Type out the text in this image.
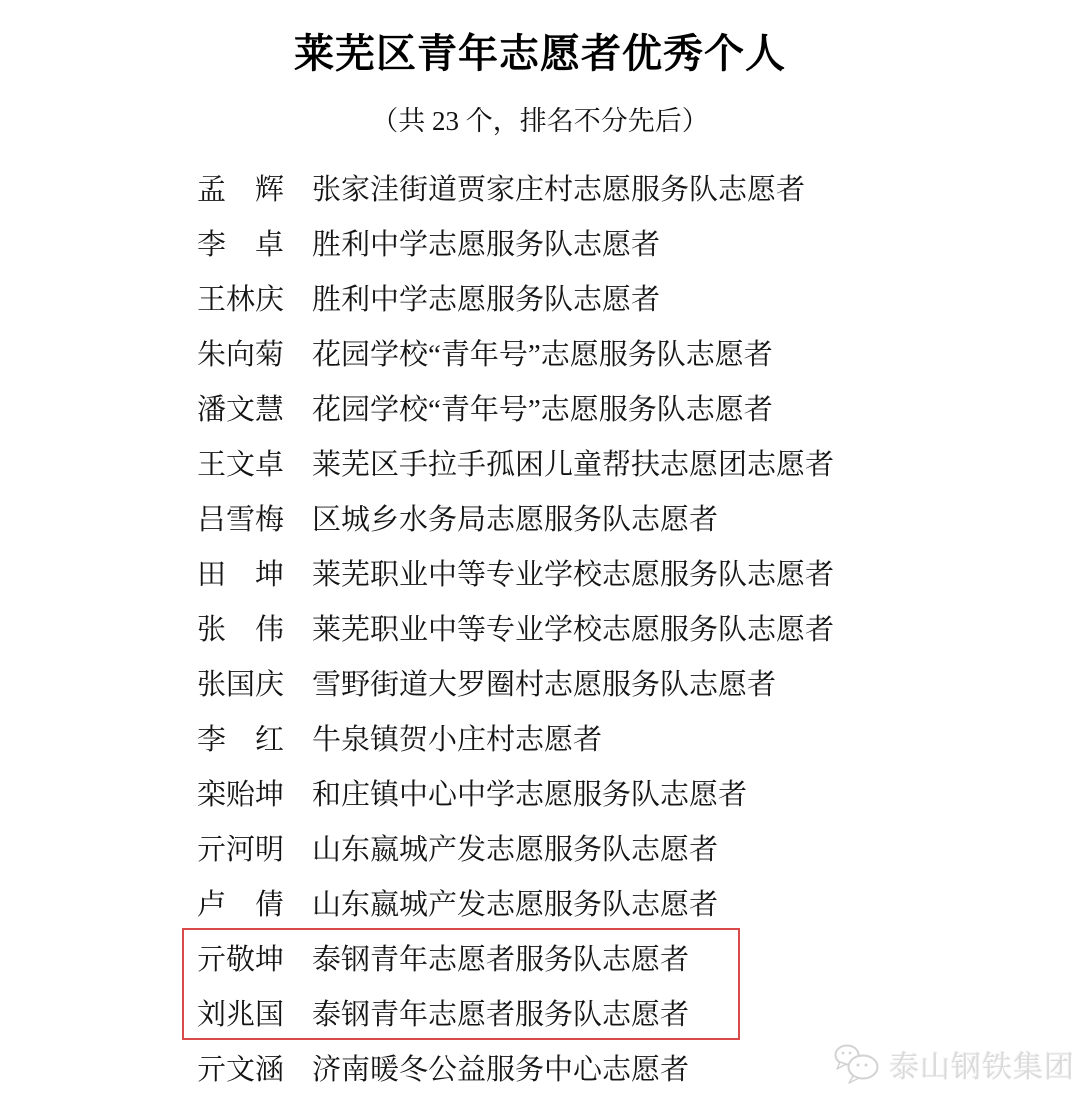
莱芜区青年志愿者优秀个人
（共 23 个，排名不分先后）
孟　辉 张家洼街道贾家庄村志愿服务队志愿者
李　卓 胜利中学志愿服务队志愿者
王林庆 胜利中学志愿服务队志愿者
朱向菊 花园学校“青年号”志愿服务队志愿者
潘文慧 花园学校“青年号”志愿服务队志愿者
王文卓 莱芜区手拉手孤困儿童帮扶志愿团志愿者
吕雪梅 区城乡水务局志愿服务队志愿者
田　坤 莱芜职业中等专业学校志愿服务队志愿者
张　伟 莱芜职业中等专业学校志愿服务队志愿者
张国庆 雪野街道大罗圈村志愿服务队志愿者
李　红 牛泉镇贺小庄村志愿者
栾贻坤 和庄镇中心中学志愿服务队志愿者
亓河明 山东嬴城产发志愿服务队志愿者
卢　倩 山东嬴城产发志愿服务队志愿者
亓敬坤 泰钢青年志愿者服务队志愿者
刘兆国 泰钢青年志愿者服务队志愿者
亓文涵 济南暖冬公益服务中心志愿者	泰山钢铁集团
